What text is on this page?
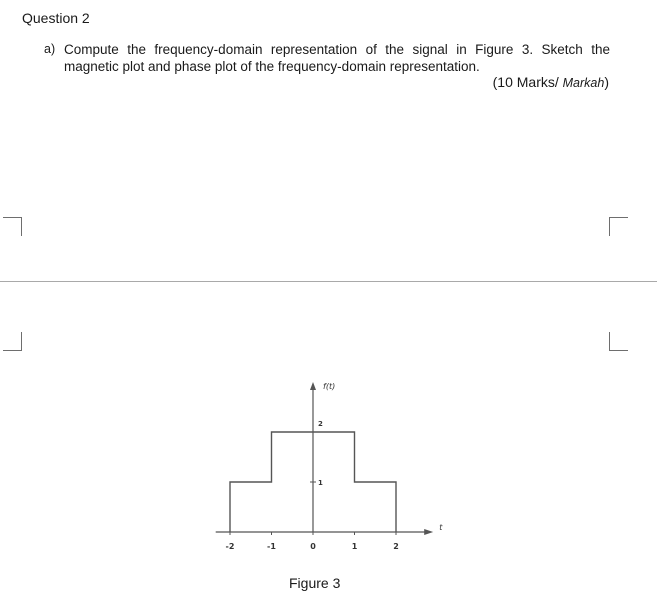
Question 2
a) Compute the frequency-domain representation of the signal in Figure 3. Sketch the magnetic plot and phase plot of the frequency-domain representation.
(10 Marks/ Markah)
f(t)
t
-2	-1	0	1	2
1
2
Figure 3
